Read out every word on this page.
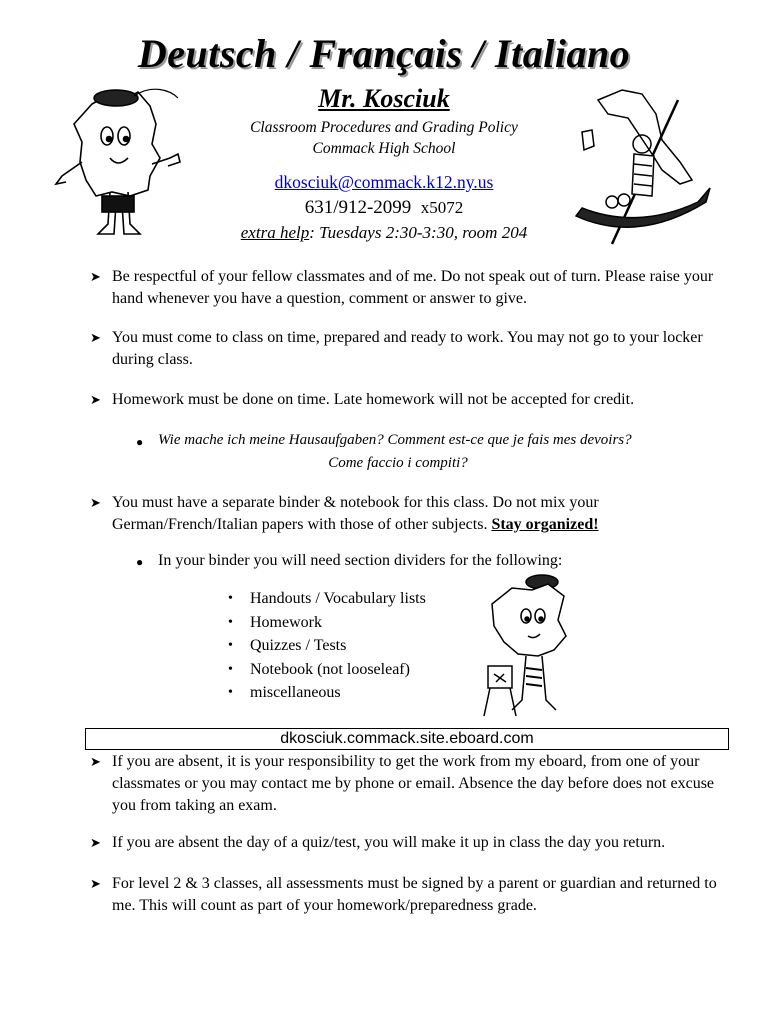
Deutsch / Français / Italiano
Mr. Kosciuk
Classroom Procedures and Grading Policy
Commack High School
dkosciuk@commack.k12.ny.us
631/912-2099 x5072
extra help: Tuesdays 2:30-3:30, room 204
➤ Be respectful of your fellow classmates and of me. Do not speak out of turn. Please raise your hand whenever you have a question, comment or answer to give.
➤ You must come to class on time, prepared and ready to work. You may not go to your locker during class.
➤ Homework must be done on time. Late homework will not be accepted for credit.
● Wie mache ich meine Hausaufgaben? Comment est-ce que je fais mes devoirs?
Come faccio i compiti?
➤ You must have a separate binder & notebook for this class. Do not mix your German/French/Italian papers with those of other subjects. Stay organized!
● In your binder you will need section dividers for the following:
• Handouts / Vocabulary lists
• Homework
• Quizzes / Tests
• Notebook (not looseleaf)
• miscellaneous
dkosciuk.commack.site.eboard.com
➤ If you are absent, it is your responsibility to get the work from my eboard, from one of your classmates or you may contact me by phone or email. Absence the day before does not excuse you from taking an exam.
➤ If you are absent the day of a quiz/test, you will make it up in class the day you return.
➤ For level 2 & 3 classes, all assessments must be signed by a parent or guardian and returned to me. This will count as part of your homework/preparedness grade.
